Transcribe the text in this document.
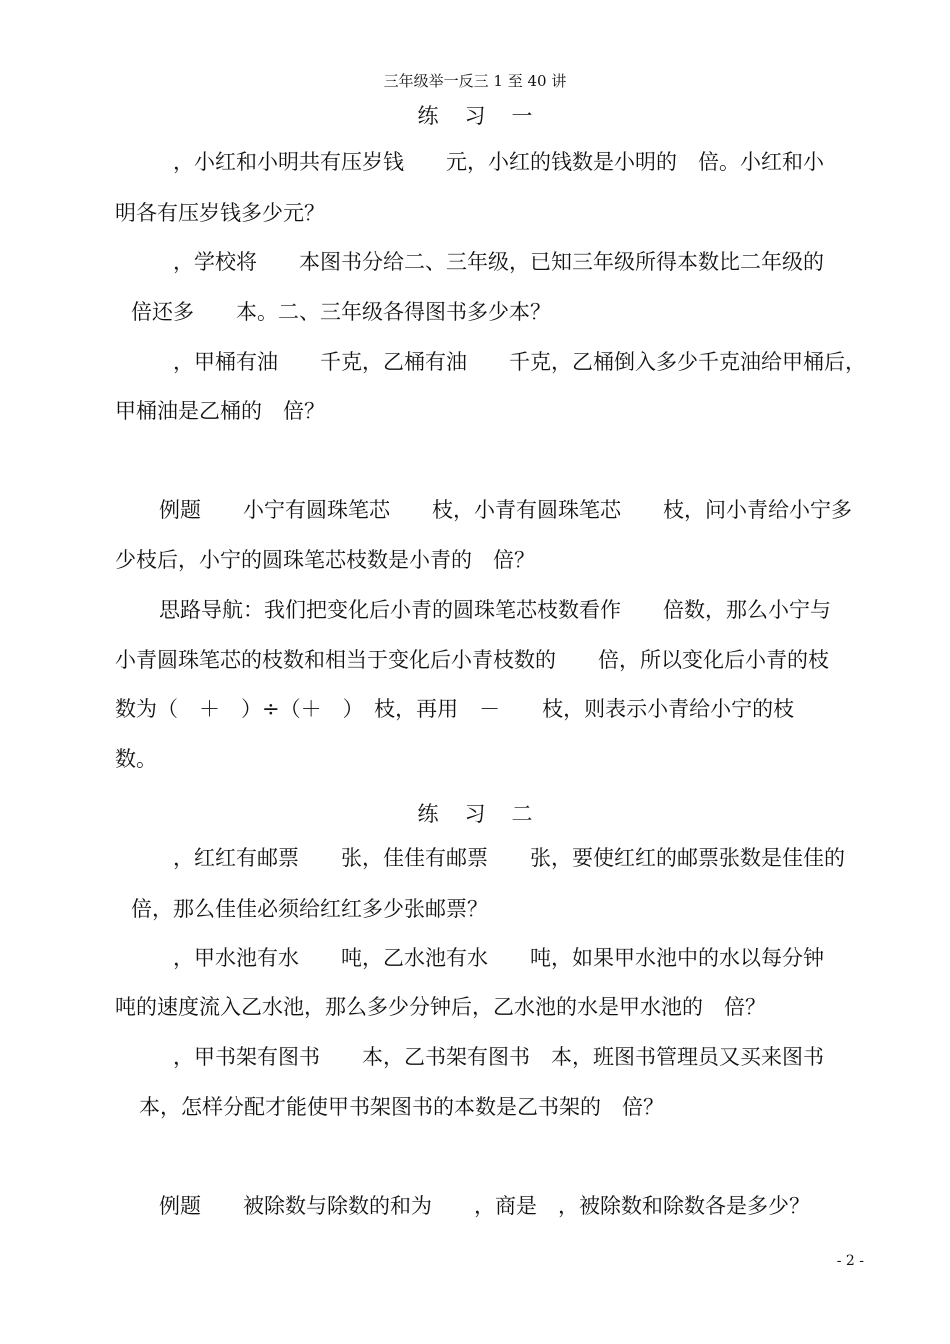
三年级举一反三 1 至 40 讲
练习一
，小红和小明共有压岁钱　　元，小红的钱数是小明的　倍。小红和小
明各有压岁钱多少元？
，学校将　　本图书分给二、三年级，已知三年级所得本数比二年级的
倍还多　　本。二、三年级各得图书多少本？
，甲桶有油　　千克，乙桶有油　　千克，乙桶倒入多少千克油给甲桶后，
甲桶油是乙桶的　倍？
例题　　小宁有圆珠笔芯　　枝，小青有圆珠笔芯　　枝，问小青给小宁多
少枝后，小宁的圆珠笔芯枝数是小青的　倍？
思路导航：我们把变化后小青的圆珠笔芯枝数看作　　倍数，那么小宁与
小青圆珠笔芯的枝数和相当于变化后小青枝数的　　倍，所以变化后小青的枝
数为（　＋　）÷（＋　）　枝，再用　－　　枝，则表示小青给小宁的枝
数。
练习二
，红红有邮票　　张，佳佳有邮票　　张，要使红红的邮票张数是佳佳的
倍，那么佳佳必须给红红多少张邮票？
，甲水池有水　　吨，乙水池有水　　吨，如果甲水池中的水以每分钟
吨的速度流入乙水池，那么多少分钟后，乙水池的水是甲水池的　倍？
，甲书架有图书　　本，乙书架有图书　本，班图书管理员又买来图书
本，怎样分配才能使甲书架图书的本数是乙书架的　倍？
例题　　被除数与除数的和为　　，商是　，被除数和除数各是多少？
- 2 -
